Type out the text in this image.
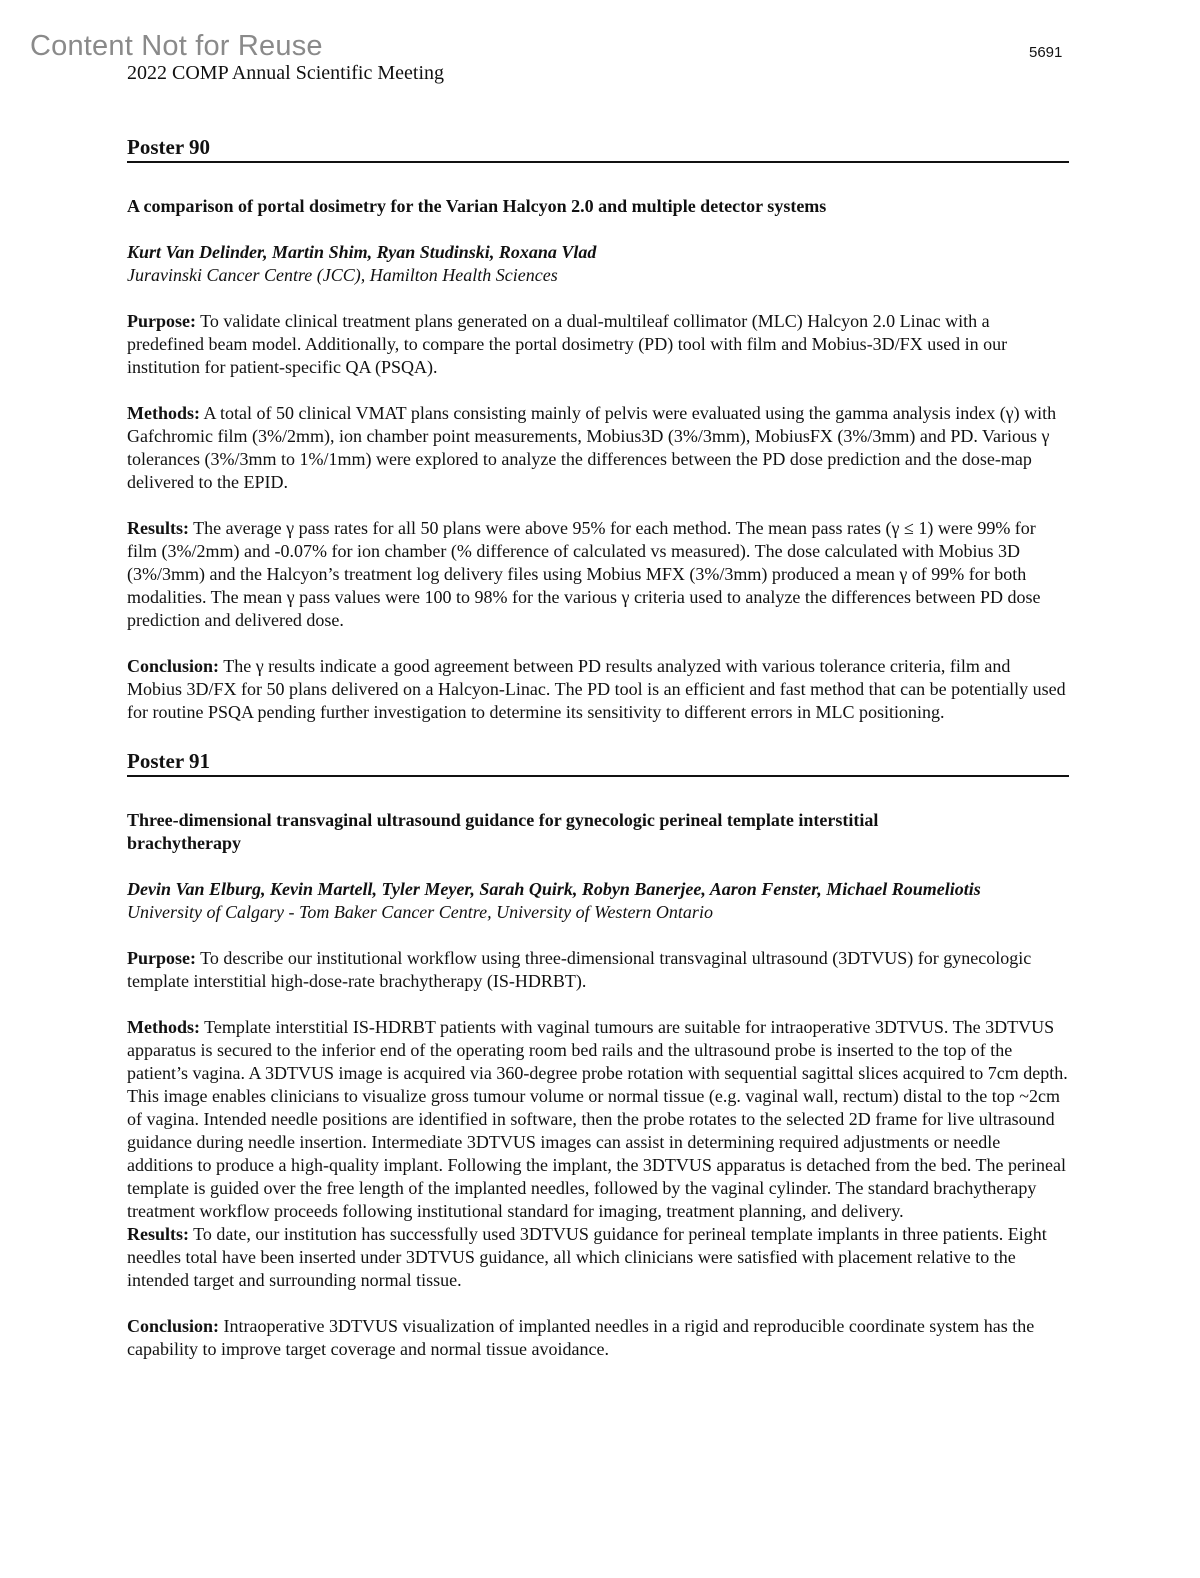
Content Not for Reuse	5691
2022 COMP Annual Scientific Meeting
Poster 90
A comparison of portal dosimetry for the Varian Halcyon 2.0 and multiple detector systems
Kurt Van Delinder, Martin Shim, Ryan Studinski, Roxana Vlad
Juravinski Cancer Centre (JCC), Hamilton Health Sciences

Purpose: To validate clinical treatment plans generated on a dual-multileaf collimator (MLC) Halcyon 2.0 Linac with a predefined beam model. Additionally, to compare the portal dosimetry (PD) tool with film and Mobius-3D/FX used in our institution for patient-specific QA (PSQA).

Methods: A total of 50 clinical VMAT plans consisting mainly of pelvis were evaluated using the gamma analysis index (γ) with Gafchromic film (3%/2mm), ion chamber point measurements, Mobius3D (3%/3mm), MobiusFX (3%/3mm) and PD. Various γ tolerances (3%/3mm to 1%/1mm) were explored to analyze the differences between the PD dose prediction and the dose-map delivered to the EPID.

Results: The average γ pass rates for all 50 plans were above 95% for each method. The mean pass rates (γ ≤ 1) were 99% for film (3%/2mm) and -0.07% for ion chamber (% difference of calculated vs measured). The dose calculated with Mobius 3D (3%/3mm) and the Halcyon’s treatment log delivery files using Mobius MFX (3%/3mm) produced a mean γ of 99% for both modalities. The mean γ pass values were 100 to 98% for the various γ criteria used to analyze the differences between PD dose prediction and delivered dose.

Conclusion: The γ results indicate a good agreement between PD results analyzed with various tolerance criteria, film and Mobius 3D/FX for 50 plans delivered on a Halcyon-Linac. The PD tool is an efficient and fast method that can be potentially used for routine PSQA pending further investigation to determine its sensitivity to different errors in MLC positioning.

Poster 91
Three-dimensional transvaginal ultrasound guidance for gynecologic perineal template interstitial brachytherapy
Devin Van Elburg, Kevin Martell, Tyler Meyer, Sarah Quirk, Robyn Banerjee, Aaron Fenster, Michael Roumeliotis
University of Calgary - Tom Baker Cancer Centre, University of Western Ontario

Purpose: To describe our institutional workflow using three-dimensional transvaginal ultrasound (3DTVUS) for gynecologic template interstitial high-dose-rate brachytherapy (IS-HDRBT).

Methods: Template interstitial IS-HDRBT patients with vaginal tumours are suitable for intraoperative 3DTVUS. The 3DTVUS apparatus is secured to the inferior end of the operating room bed rails and the ultrasound probe is inserted to the top of the patient’s vagina. A 3DTVUS image is acquired via 360-degree probe rotation with sequential sagittal slices acquired to 7cm depth. This image enables clinicians to visualize gross tumour volume or normal tissue (e.g. vaginal wall, rectum) distal to the top ~2cm of vagina. Intended needle positions are identified in software, then the probe rotates to the selected 2D frame for live ultrasound guidance during needle insertion. Intermediate 3DTVUS images can assist in determining required adjustments or needle additions to produce a high-quality implant. Following the implant, the 3DTVUS apparatus is detached from the bed. The perineal template is guided over the free length of the implanted needles, followed by the vaginal cylinder. The standard brachytherapy treatment workflow proceeds following institutional standard for imaging, treatment planning, and delivery.

Results: To date, our institution has successfully used 3DTVUS guidance for perineal template implants in three patients. Eight needles total have been inserted under 3DTVUS guidance, all which clinicians were satisfied with placement relative to the intended target and surrounding normal tissue.

Conclusion: Intraoperative 3DTVUS visualization of implanted needles in a rigid and reproducible coordinate system has the capability to improve target coverage and normal tissue avoidance.
